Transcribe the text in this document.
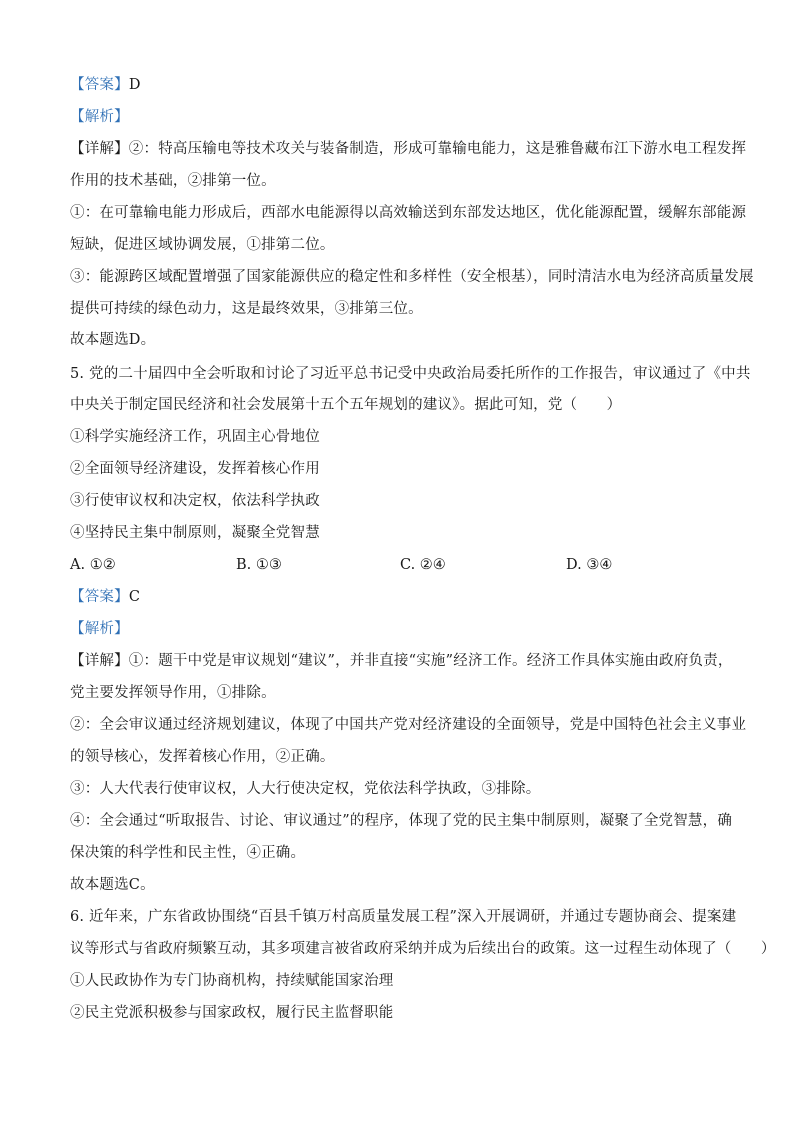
【答案】D
【解析】
【详解】②：特高压输电等技术攻关与装备制造，形成可靠输电能力，这是雅鲁藏布江下游水电工程发挥
作用的技术基础，②排第一位。
①：在可靠输电能力形成后，西部水电能源得以高效输送到东部发达地区，优化能源配置，缓解东部能源
短缺，促进区域协调发展，①排第二位。
③：能源跨区域配置增强了国家能源供应的稳定性和多样性（安全根基），同时清洁水电为经济高质量发展
提供可持续的绿色动力，这是最终效果，③排第三位。
故本题选D。
5. 党的二十届四中全会听取和讨论了习近平总书记受中央政治局委托所作的工作报告，审议通过了《中共
中央关于制定国民经济和社会发展第十五个五年规划的建议》。据此可知，党（　　）
①科学实施经济工作，巩固主心骨地位
②全面领导经济建设，发挥着核心作用
③行使审议权和决定权，依法科学执政
④坚持民主集中制原则，凝聚全党智慧
A. ①②	B. ①③	C. ②④	D. ③④
【答案】C
【解析】
【详解】①：题干中党是审议规划“建议”，并非直接“实施”经济工作。经济工作具体实施由政府负责，
党主要发挥领导作用，①排除。
②：全会审议通过经济规划建议，体现了中国共产党对经济建设的全面领导，党是中国特色社会主义事业
的领导核心，发挥着核心作用，②正确。
③：人大代表行使审议权，人大行使决定权，党依法科学执政，③排除。
④：全会通过“听取报告、讨论、审议通过”的程序，体现了党的民主集中制原则，凝聚了全党智慧，确
保决策的科学性和民主性，④正确。
故本题选C。
6. 近年来，广东省政协围绕“百县千镇万村高质量发展工程”深入开展调研，并通过专题协商会、提案建
议等形式与省政府频繁互动，其多项建言被省政府采纳并成为后续出台的政策。这一过程生动体现了（　　）
①人民政协作为专门协商机构，持续赋能国家治理
②民主党派积极参与国家政权，履行民主监督职能
